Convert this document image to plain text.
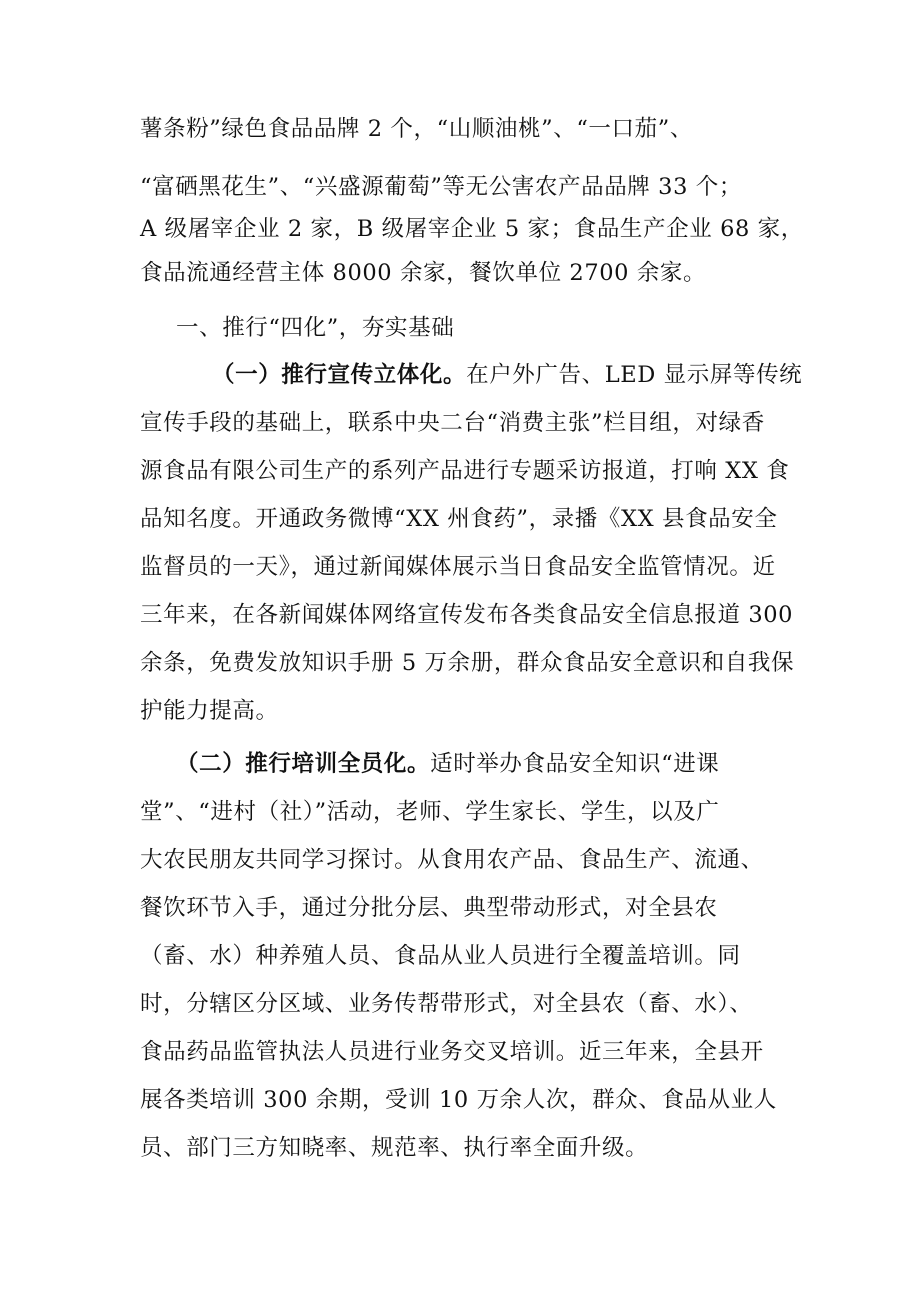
薯条粉”绿色食品品牌 2 个，“山顺油桃”、“一口茄”、
“富硒黑花生”、“兴盛源葡萄”等无公害农产品品牌 33 个；
A 级屠宰企业 2 家，B 级屠宰企业 5 家；食品生产企业 68 家，
食品流通经营主体 8000 余家，餐饮单位 2700 余家。
一、推行“四化”，夯实基础
（一）推行宣传立体化。在户外广告、LED 显示屏等传统
宣传手段的基础上，联系中央二台“消费主张”栏目组，对绿香
源食品有限公司生产的系列产品进行专题采访报道，打响 XX 食
品知名度。开通政务微博“XX 州食药”，录播《XX 县食品安全
监督员的一天》，通过新闻媒体展示当日食品安全监管情况。近
三年来，在各新闻媒体网络宣传发布各类食品安全信息报道 300
余条，免费发放知识手册 5 万余册，群众食品安全意识和自我保
护能力提高。
（二）推行培训全员化。适时举办食品安全知识“进课
堂”、“进村（社）”活动，老师、学生家长、学生，以及广
大农民朋友共同学习探讨。从食用农产品、食品生产、流通、
餐饮环节入手，通过分批分层、典型带动形式，对全县农
（畜、水）种养殖人员、食品从业人员进行全覆盖培训。同
时，分辖区分区域、业务传帮带形式，对全县农（畜、水）、
食品药品监管执法人员进行业务交叉培训。近三年来，全县开
展各类培训 300 余期，受训 10 万余人次，群众、食品从业人
员、部门三方知晓率、规范率、执行率全面升级。
